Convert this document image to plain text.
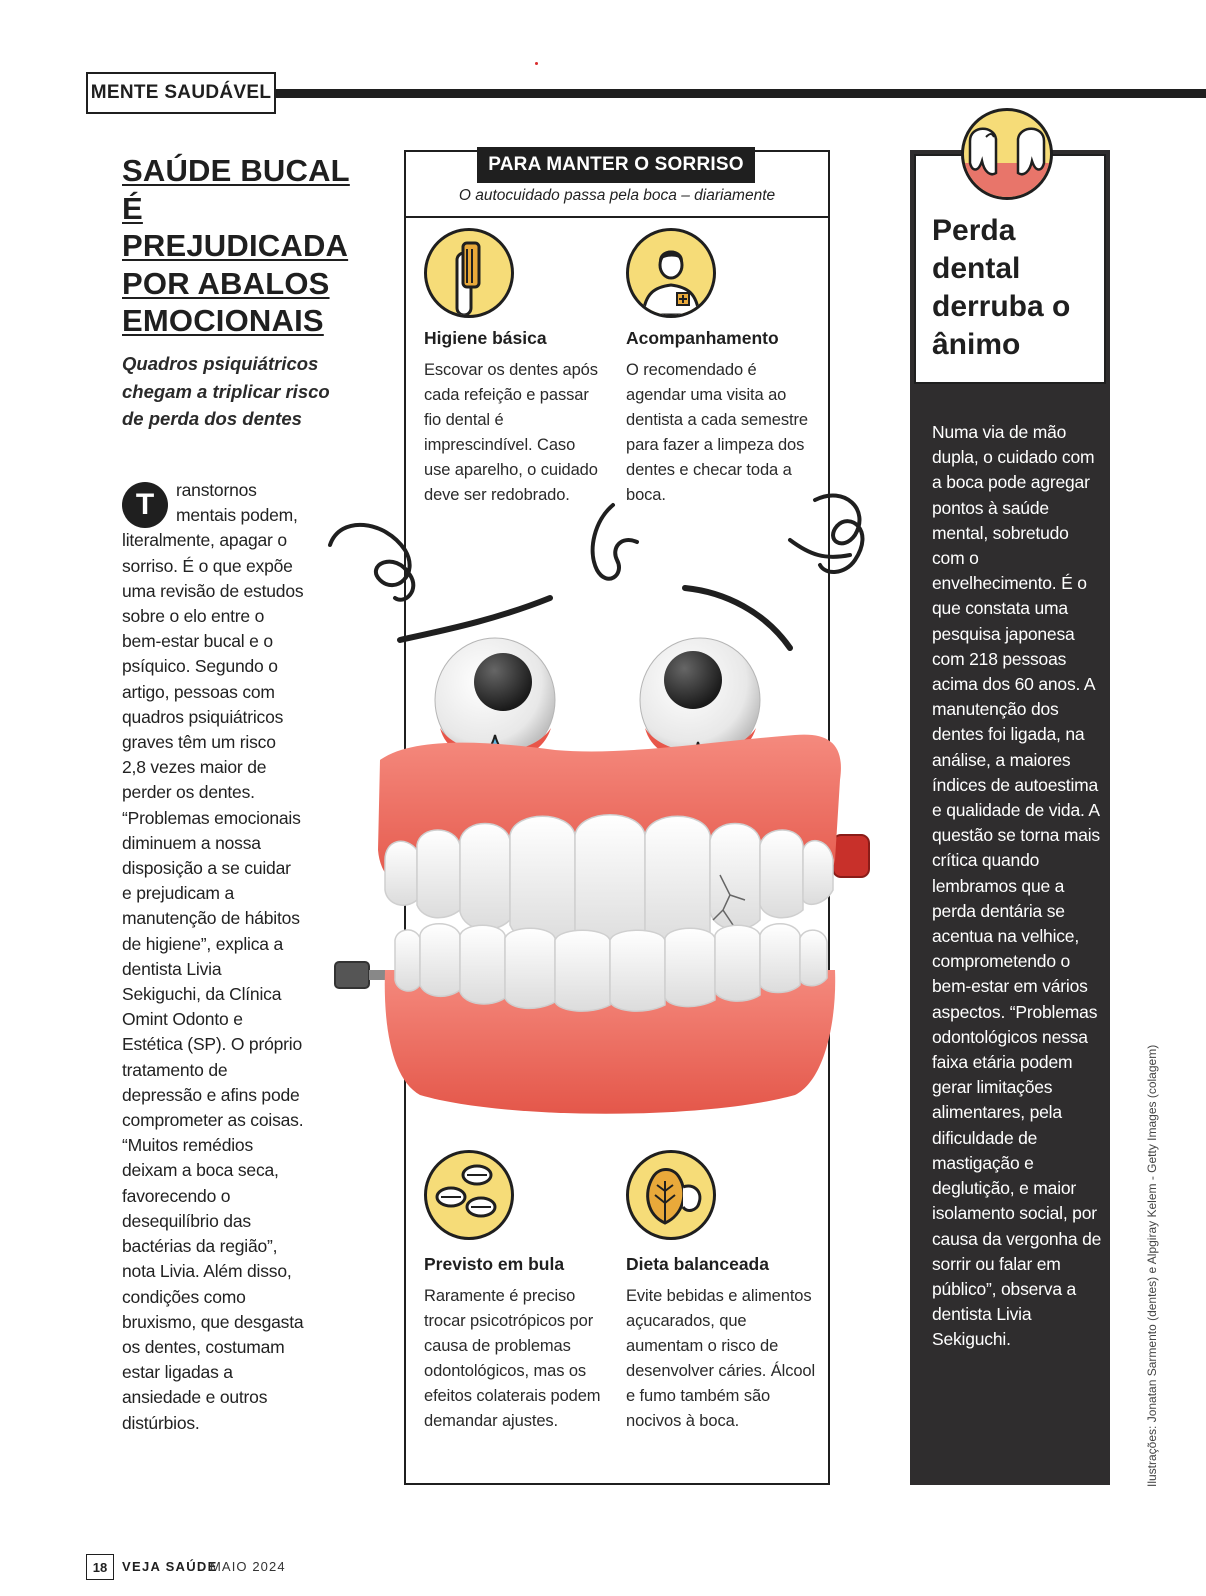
MENTE SAUDÁVEL
SAÚDE BUCAL É PREJUDICADA POR ABALOS EMOCIONAIS

Quadros psiquiátricos chegam a triplicar risco de perda dos dentes

T	ranstornos mentais podem, literalmente, apagar o sorriso. É o que expõe uma revisão de estudos sobre o elo entre o bem-estar bucal e o psíquico. Segundo o artigo, pessoas com quadros psiquiátricos graves têm um risco 2,8 vezes maior de perder os dentes. “Problemas emocionais diminuem a nossa disposição a se cuidar e prejudicam a manutenção de hábitos de higiene”, explica a dentista Livia Sekiguchi, da Clínica Omint Odonto e Estética (SP). O próprio tratamento de depressão e afins pode comprometer as coisas. “Muitos remédios deixam a boca seca, favorecendo o desequilíbrio das bactérias da região”, nota Livia. Além disso, condições como bruxismo, que desgasta os dentes, costumam estar ligadas a ansiedade e outros distúrbios.
PARA MANTER O SORRISO
O autocuidado passa pela boca – diariamente
Higiene básica
Escovar os dentes após cada refeição e passar fio dental é imprescindível. Caso use aparelho, o cuidado deve ser redobrado.
Acompanhamento
O recomendado é agendar uma visita ao dentista a cada semestre para fazer a limpeza dos dentes e checar toda a boca.
Previsto em bula
Raramente é preciso trocar psicotrópicos por causa de problemas odontológicos, mas os efeitos colaterais podem demandar ajustes.
Dieta balanceada
Evite bebidas e alimentos açucarados, que aumentam o risco de desenvolver cáries. Álcool e fumo também são nocivos à boca.
Perda dental derruba o ânimo

Numa via de mão dupla, o cuidado com a boca pode agregar pontos à saúde mental, sobretudo com o envelhecimento. É o que constata uma pesquisa japonesa com 218 pessoas acima dos 60 anos. A manutenção dos dentes foi ligada, na análise, a maiores índices de autoestima e qualidade de vida. A questão se torna mais crítica quando lembramos que a perda dentária se acentua na velhice, comprometendo o bem-estar em vários aspectos. “Problemas odontológicos nessa faixa etária podem gerar limitações alimentares, pela dificuldade de mastigação e deglutição, e maior isolamento social, por causa da vergonha de sorrir ou falar em público”, observa a dentista Livia Sekiguchi.	Ilustrações: Jonatan Sarmento (dentes) e Alpgiray Kelem - Getty Images (colagem)
18	VEJA SAÚDE
MAIO 2024
